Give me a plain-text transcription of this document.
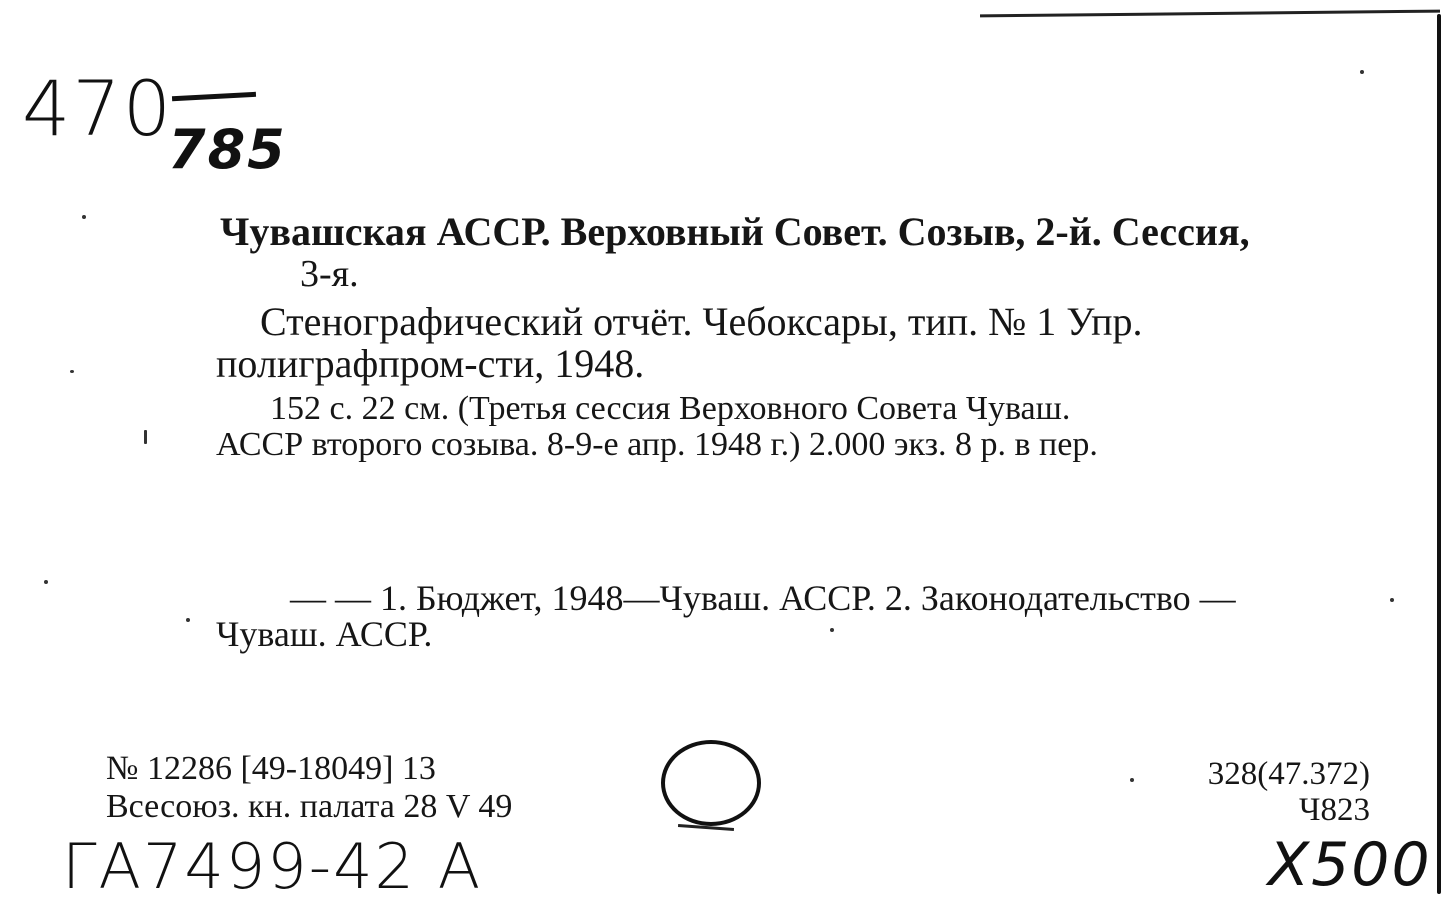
470
785
Чувашская АССР. Верховный Совет. Созыв, 2-й. Сессия,
3-я.
Стенографический отчёт. Чебоксары, тип. № 1 Упр.
полиграфпром-сти, 1948.
152 с. 22 см. (Третья сессия Верховного Совета Чуваш.
АССР второго созыва. 8-9-е апр. 1948 г.) 2.000 экз. 8 р. в пер.
— — 1. Бюджет, 1948—Чуваш. АССР. 2. Законодательство —
Чуваш. АССР.
№ 12286 [49-18049] 13
Всесоюз. кн. палата 28 V 49
328(47.372)
Ч823
ГА7499-42 А	Х500
